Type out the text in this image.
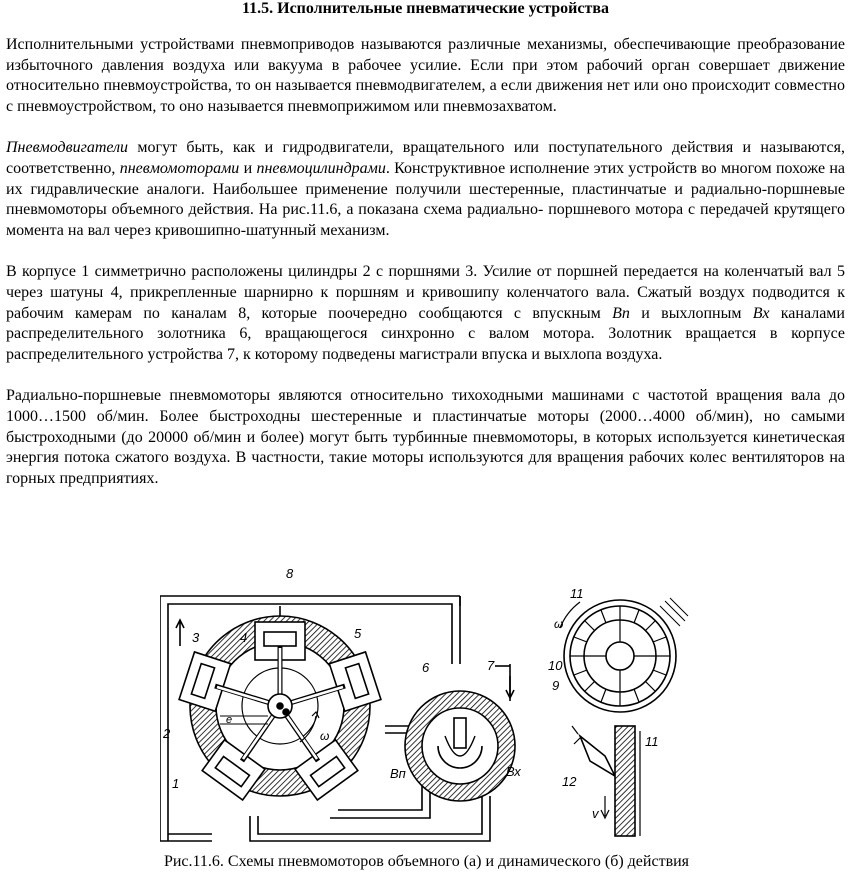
11.5. Исполнительные пневматические устройства

Исполнительными устройствами пневмоприводов называются различные механизмы, обеспечивающие преобразование избыточного давления воздуха или вакуума в рабочее усилие. Если при этом рабочий орган совершает движение относительно пневмоустройства, то он называется пневмодвигателем, а если движения нет или оно происходит совместно с пневмоустройством, то оно называется пневмоприжимом или пневмозахватом.

Пневмодвигатели могут быть, как и гидродвигатели, вращательного или поступательного действия и называются, соответственно, пневмомоторами и пневмоцилиндрами. Конструктивное исполнение этих устройств во многом похоже на их гидравлические аналоги. Наибольшее применение получили шестеренные, пластинчатые и радиально-поршневые пневмомоторы объемного действия. На рис.11.6, а показана схема радиально- поршневого мотора с передачей крутящего момента на вал через кривошипно-шатунный механизм.

В корпусе 1 симметрично расположены цилиндры 2 с поршнями 3. Усилие от поршней передается на коленчатый вал 5 через шатуны 4, прикрепленные шарнирно к поршням и кривошипу коленчатого вала. Сжатый воздух подводится к рабочим камерам по каналам 8, которые поочередно сообщаются с впускным Вп и выхлопным Вх каналами распределительного золотника 6, вращающегося синхронно с валом мотора. Золотник вращается в корпусе распределительного устройства 7, к которому подведены магистрали впуска и выхлопа воздуха.

Радиально-поршневые пневмомоторы являются относительно тихоходными машинами с частотой вращения вала до 1000…1500 об/мин. Более быстроходны шестеренные и пластинчатые моторы (2000…4000 об/мин), но самыми быстроходными (до 20000 об/мин и более) могут быть турбинные пневмомоторы, в которых используется кинетическая энергия потока сжатого воздуха. В частности, такие моторы используются для вращения рабочих колес вентиляторов на горных предприятиях.

8
4
3	5
6	7
2
1
e
ω
Вп	Вх
11
ω
10
9
11
12
v
Рис.11.6. Схемы пневмомоторов объемного (а) и динамического (б) действия
